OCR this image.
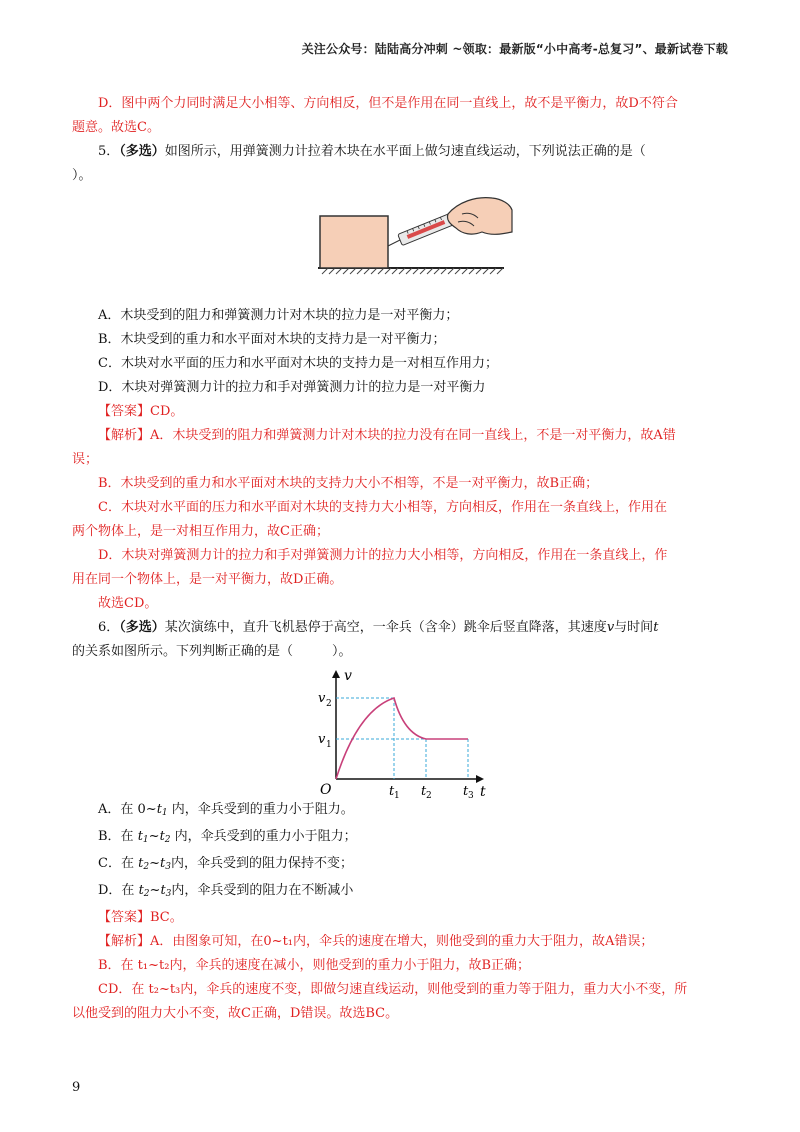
关注公众号：陆陆高分冲刺 ~领取：最新版“小中高考-总复习”、最新试卷下载
D．图中两个力同时满足大小相等、方向相反，但不是作用在同一直线上，故不是平衡力，故D不符合
题意。故选C。
5．（多选）如图所示，用弹簧测力计拉着木块在水平面上做匀速直线运动，下列说法正确的是（
）。
A．木块受到的阻力和弹簧测力计对木块的拉力是一对平衡力；
B．木块受到的重力和水平面对木块的支持力是一对平衡力；
C．木块对水平面的压力和水平面对木块的支持力是一对相互作用力；
D．木块对弹簧测力计的拉力和手对弹簧测力计的拉力是一对平衡力
【答案】CD。
【解析】A．木块受到的阻力和弹簧测力计对木块的拉力没有在同一直线上，不是一对平衡力，故A错
误；
B．木块受到的重力和水平面对木块的支持力大小不相等，不是一对平衡力，故B正确；
C．木块对水平面的压力和水平面对木块的支持力大小相等，方向相反，作用在一条直线上，作用在
两个物体上，是一对相互作用力，故C正确；
D．木块对弹簧测力计的拉力和手对弹簧测力计的拉力大小相等，方向相反，作用在一条直线上，作
用在同一个物体上，是一对平衡力，故D正确。
故选CD。
6．（多选）某次演练中，直升飞机悬停于高空，一伞兵（含伞）跳伞后竖直降落，其速度v与时间t
的关系如图所示。下列判断正确的是（　　　）。
v
t
O
v 2
v 1
t 1 t 2 t 3
A．在 $0\sim t_1$ 内，伞兵受到的重力小于阻力。
B．在 $t_1\sim t_2$ 内，伞兵受到的重力小于阻力；
C．在 $t_2\sim t_3$内，伞兵受到的阻力保持不变；
D．在 $t_2\sim t_3$内，伞兵受到的阻力在不断减小
【答案】BC。
【解析】A．由图象可知，在0~t₁内，伞兵的速度在增大，则他受到的重力大于阻力，故A错误；
B．在 t₁~t₂内，伞兵的速度在减小，则他受到的重力小于阻力，故B正确；
CD．在 t₂~t₃内，伞兵的速度不变，即做匀速直线运动，则他受到的重力等于阻力，重力大小不变，所
以他受到的阻力大小不变，故C正确，D错误。故选BC。
9
